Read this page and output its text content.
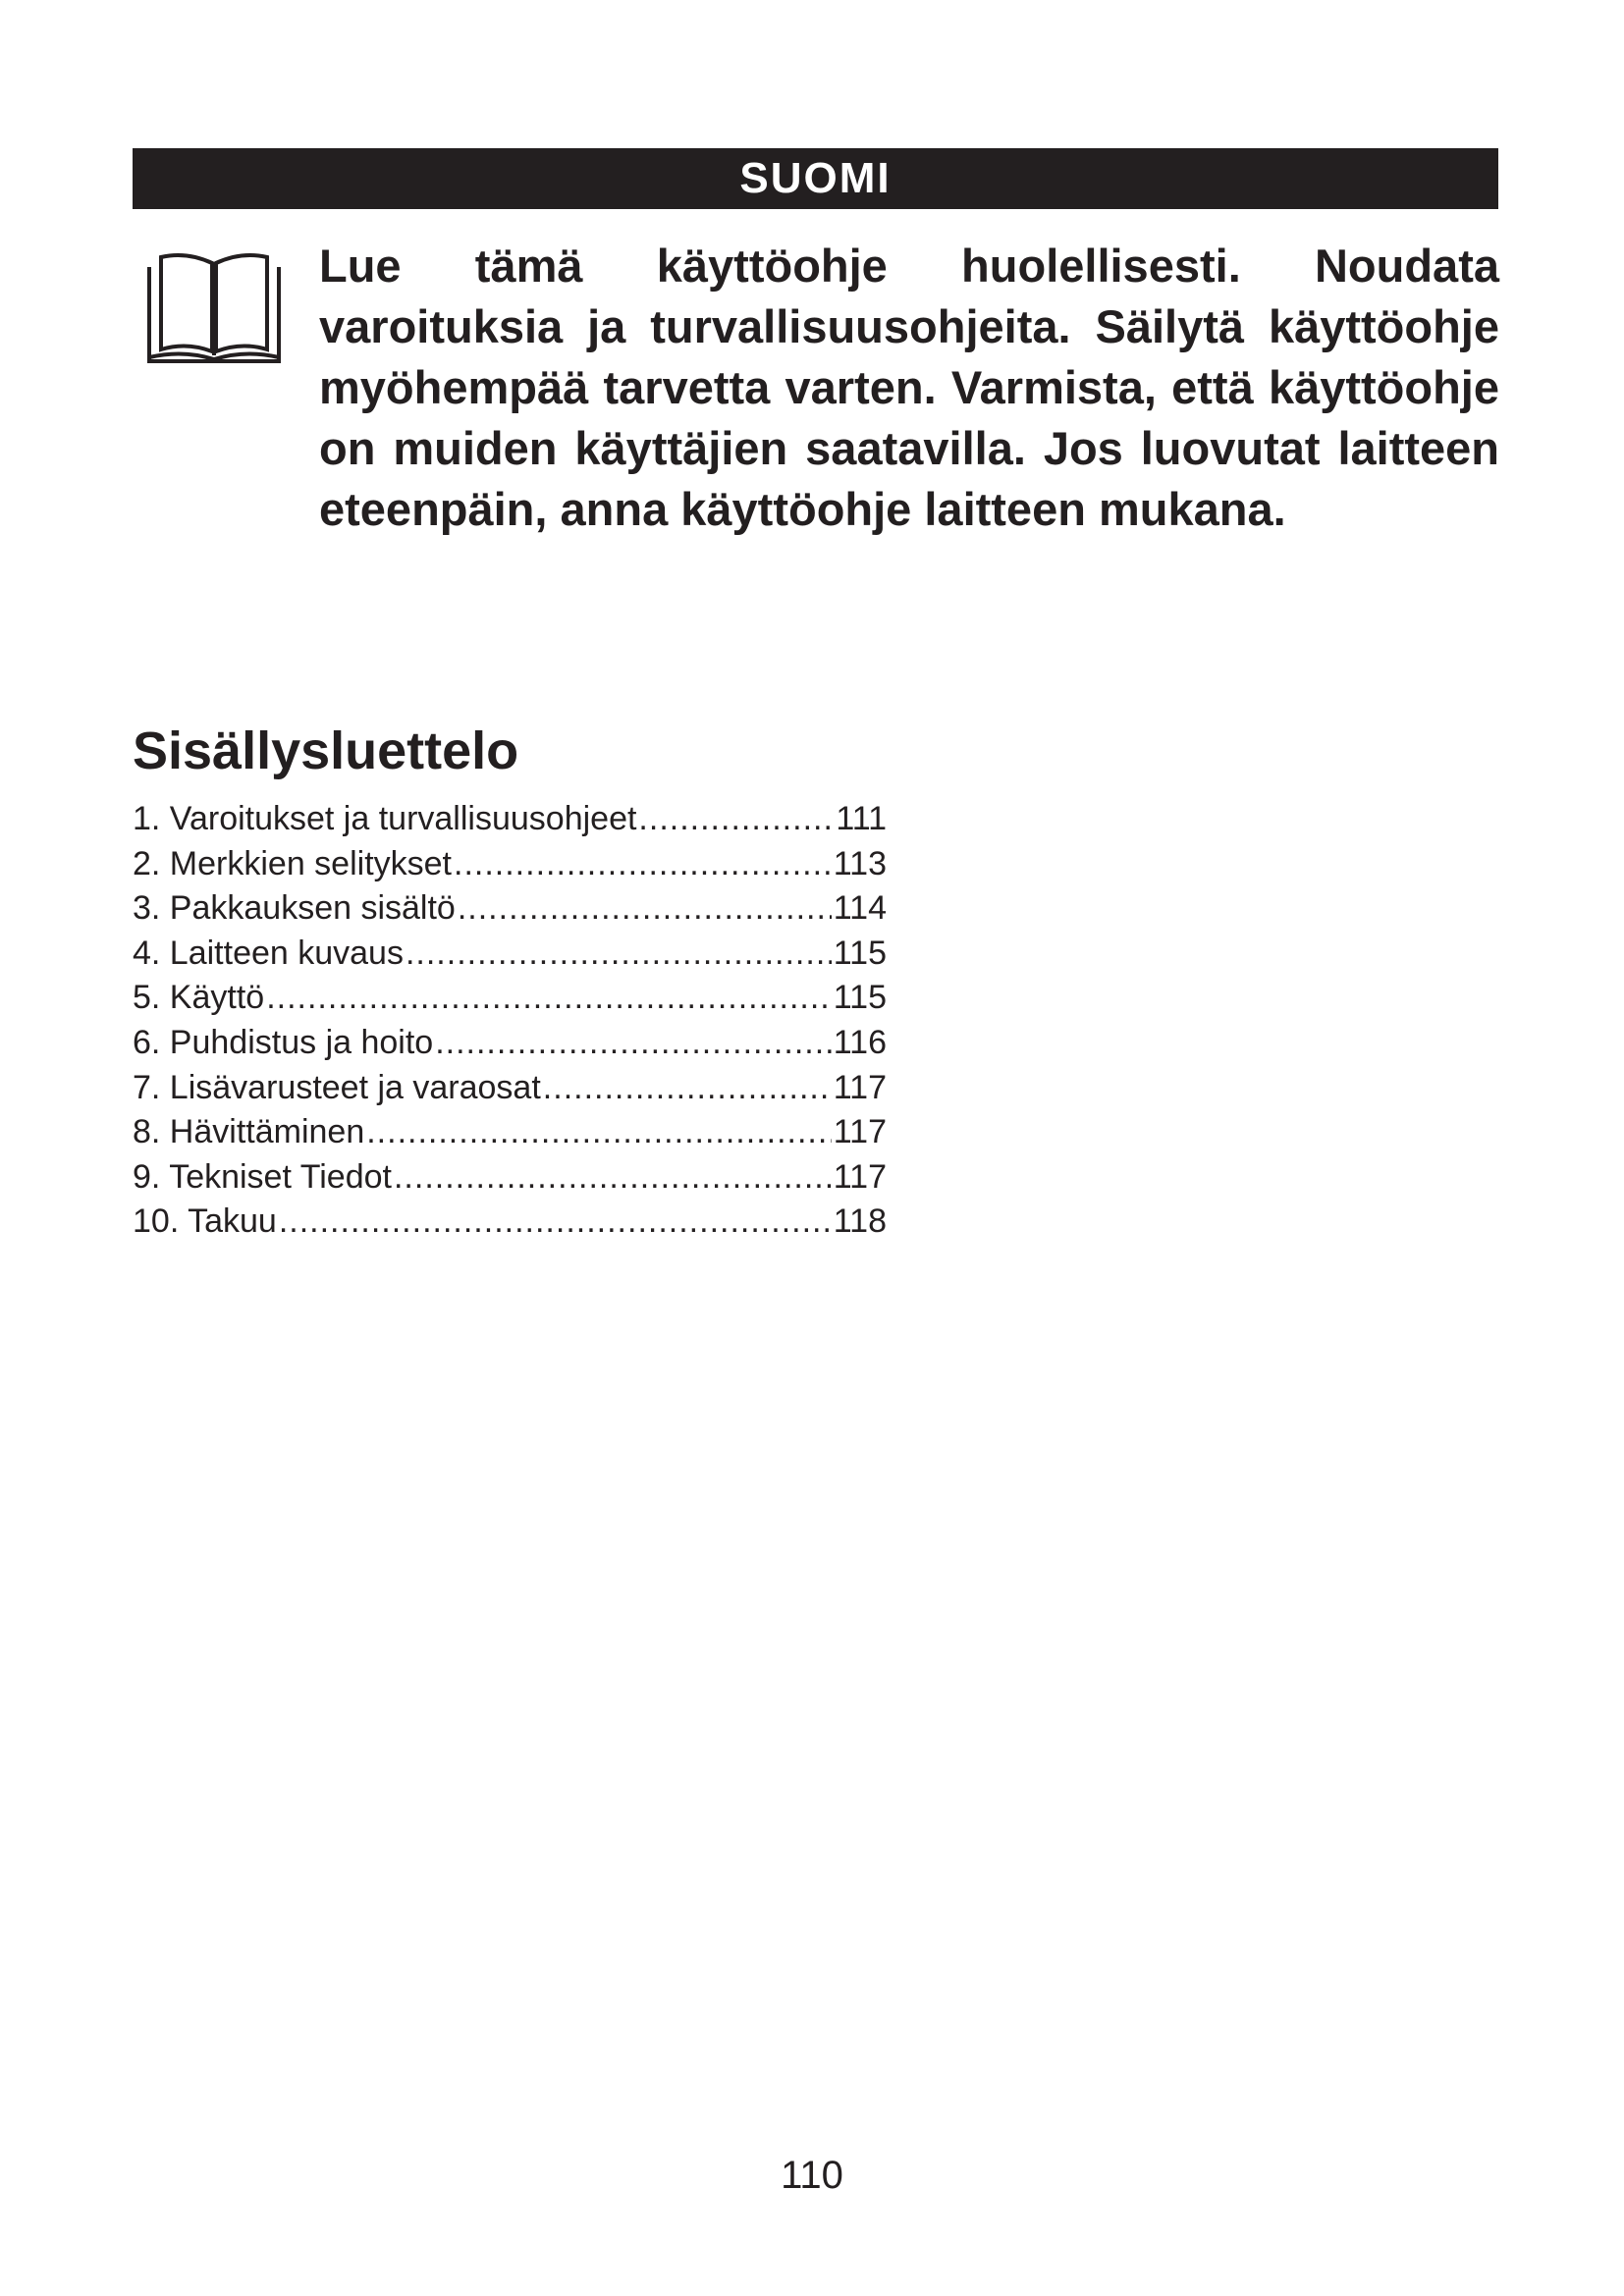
SUOMI

Lue tämä käyttöohje huolellisesti. Noudata varoituksia ja turvallisuusohjeita. Säilytä käyttöohje myöhempää tarvetta varten. Varmista, että käyttöohje on muiden käyttäjien saatavilla. Jos luovutat laitteen eteenpäin, anna käyttöohje laitteen mukana.

Sisällysluettelo
1. Varoitukset ja turvallisuusohjeet .....	111
2. Merkkien selitykset .....	113
3. Pakkauksen sisältö .....	114
4. Laitteen kuvaus .....	115
5. Käyttö .....	115
6. Puhdistus ja hoito .....	116
7. Lisävarusteet ja varaosat .....	117
8. Hävittäminen .....	117
9. Tekniset Tiedot .....	117
10. Takuu .....	118
110
